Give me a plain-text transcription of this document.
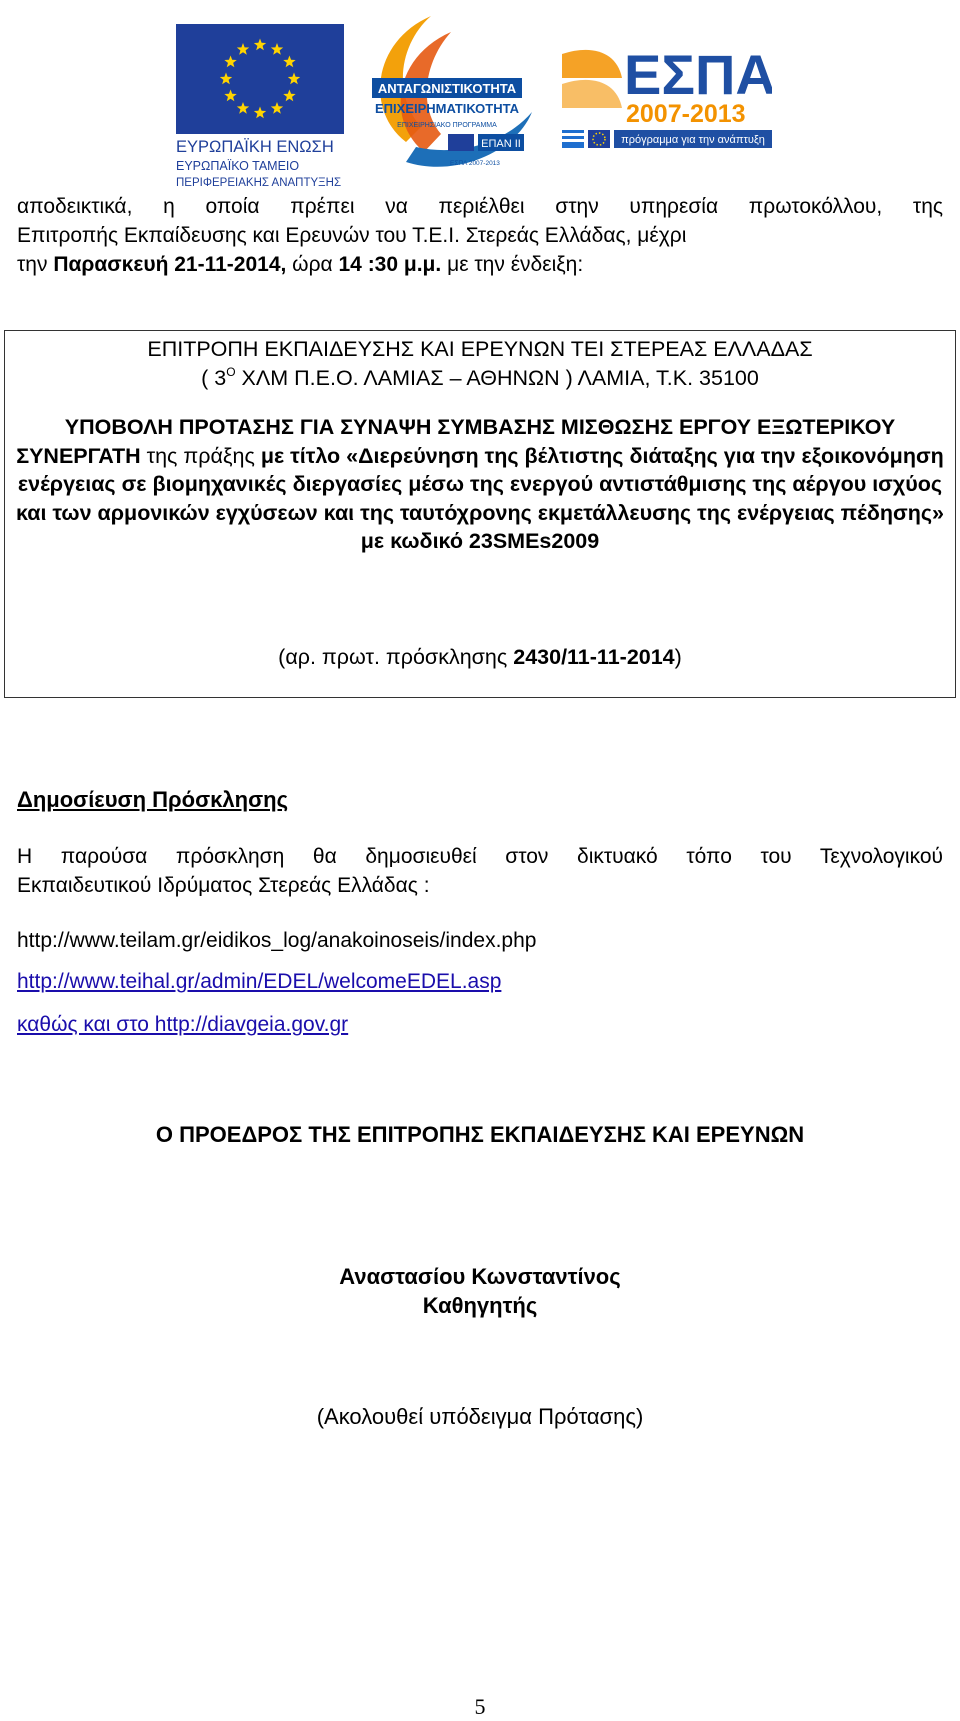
ΕΥΡΩΠΑΪΚΗ ΕΝΩΣΗ
ΕΥΡΩΠΑΪΚΟ ΤΑΜΕΙΟ
ΠΕΡΙΦΕΡΕΙΑΚΗΣ ΑΝΑΠΤΥΞΗΣ
ΑΝΤΑΓΩΝΙΣΤΙΚΟΤΗΤΑ
ΕΠΙΧΕΙΡΗΜΑΤΙΚΟΤΗΤΑ
ΕΠΙΧΕΙΡΗΣΙΑΚΟ ΠΡΟΓΡΑΜΜΑ
ΕΠΑΝ ΙΙ
ΕΣΠΑ 2007-2013
ΕΣΠΑ
2007-2013
πρόγραμμα για την ανάπτυξη

αποδεικτικά, η οποία πρέπει να περιέλθει στην υπηρεσία πρωτοκόλλου, της

Επιτροπής Εκπαίδευσης και Ερευνών του Τ.Ε.Ι. Στερεάς Ελλάδας, μέχρι

την Παρασκευή 21-11-2014, ώρα 14 :30 μ.μ. με την ένδειξη:

ΕΠΙΤΡΟΠΗ ΕΚΠΑΙΔΕΥΣΗΣ ΚΑΙ ΕΡΕΥΝΩΝ ΤΕΙ ΣΤΕΡΕΑΣ ΕΛΛΑΔΑΣ
( $3^O$ ΧΛΜ Π.Ε.Ο. ΛΑΜΙΑΣ – ΑΘΗΝΩΝ ) ΛΑΜΙΑ, Τ.Κ. 35100
ΥΠΟΒΟΛΗ ΠΡΟΤΑΣΗΣ ΓΙΑ ΣΥΝΑΨΗ ΣΥΜΒΑΣΗΣ ΜΙΣΘΩΣΗΣ ΕΡΓΟΥ ΕΞΩΤΕΡΙΚΟΥ ΣΥΝΕΡΓΑΤΗ της πράξης με τίτλο «Διερεύνηση της βέλτιστης διάταξης για την εξοικονόμηση ενέργειας σε βιομηχανικές διεργασίες μέσω της ενεργού αντιστάθμισης της αέργου ισχύος και των αρμονικών εγχύσεων και της ταυτόχρονης εκμετάλλευσης της ενέργειας πέδησης» με κωδικό 23SMEs2009
(αρ. πρωτ. πρόσκλησης 2430/11-11-2014)
Δημοσίευση Πρόσκλησης
Η παρούσα πρόσκληση θα δημοσιευθεί στον δικτυακό τόπο του Τεχνολογικού
Εκπαιδευτικού Ιδρύματος Στερεάς Ελλάδας :
http://www.teilam.gr/eidikos_log/anakoinoseis/index.php
http://www.teihal.gr/admin/EDEL/welcomeEDEL.asp
καθώς και στο http://diavgeia.gov.gr
Ο ΠΡΟΕΔΡΟΣ ΤΗΣ ΕΠΙΤΡΟΠΗΣ ΕΚΠΑΙΔΕΥΣΗΣ ΚΑΙ ΕΡΕΥΝΩΝ
Αναστασίου Κωνσταντίνος
Καθηγητής
(Ακολουθεί υπόδειγμα Πρότασης)
5
